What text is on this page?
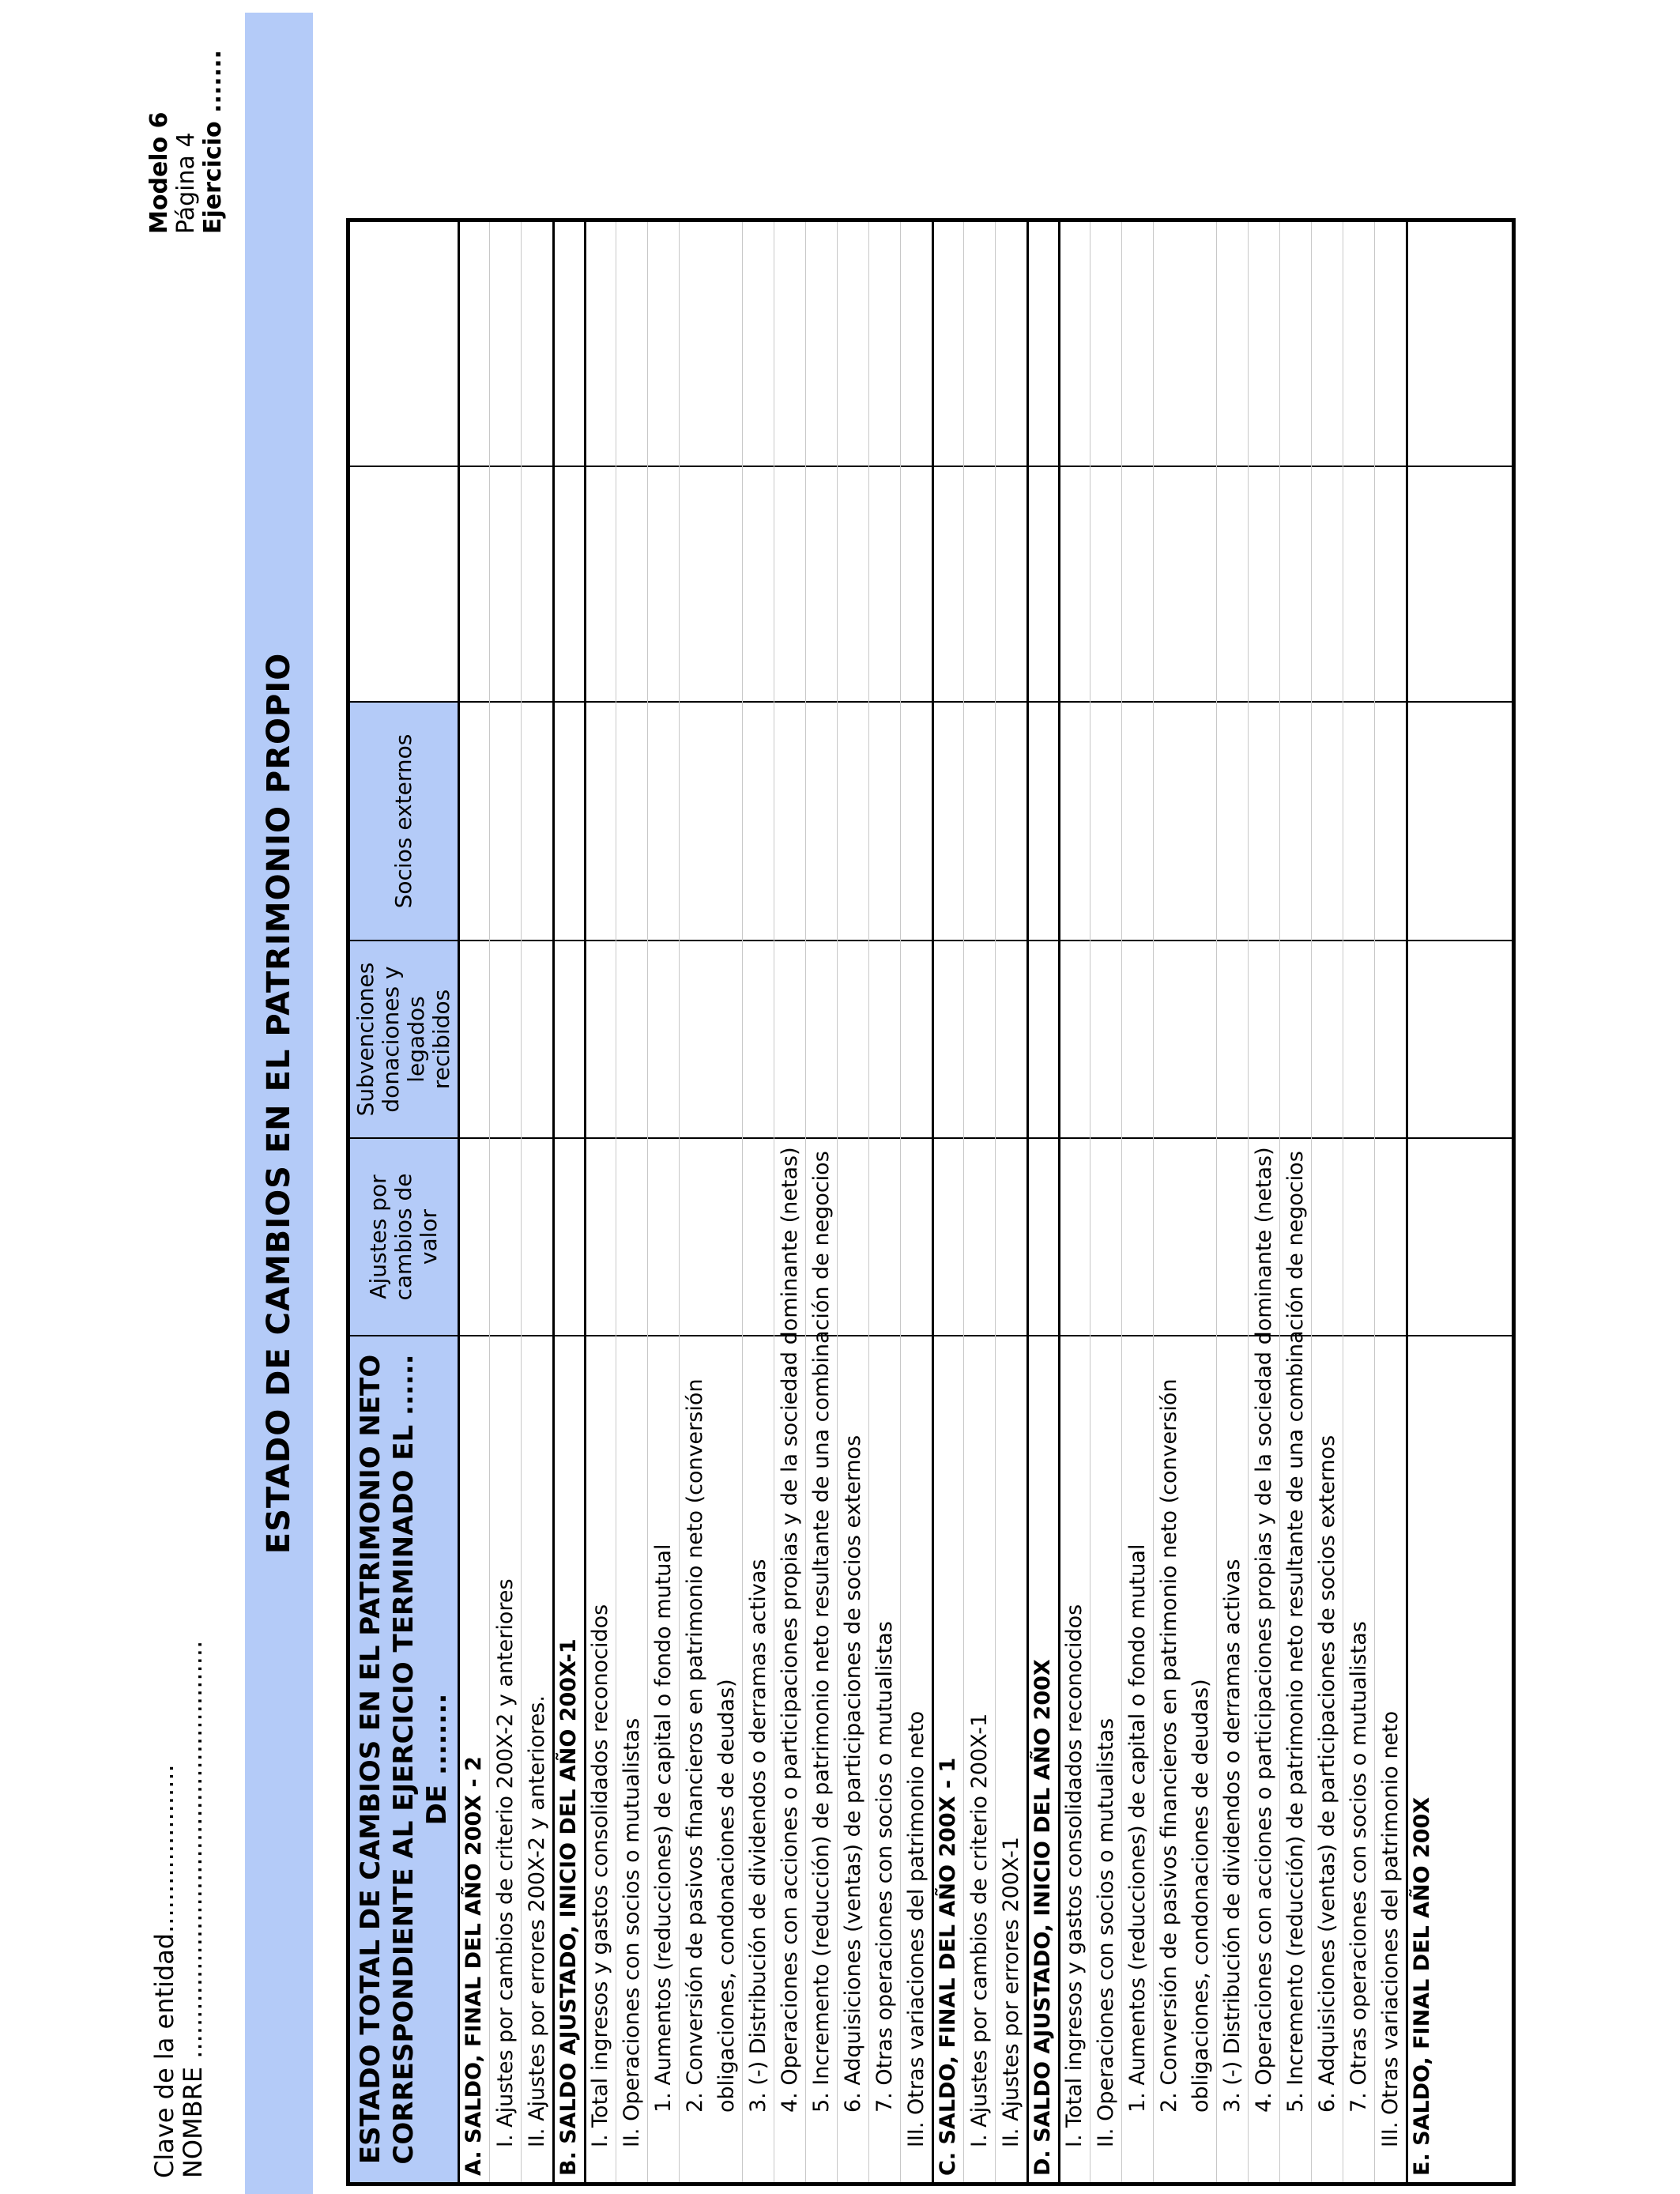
Clave de la entidad.....................
NOMBRE ....................................................
Modelo 6 Página 4 Ejercicio .......
ESTADO DE CAMBIOS EN EL PATRIMONIO PROPIO
ESTADO TOTAL DE CAMBIOS EN EL PATRIMONIO NETO CORRESPONDIENTE AL EJERCICIO TERMINADO EL ...... DE ........
Ajustes por cambios de valor
Subvenciones donaciones y legados recibidos
Socios externos
A. SALDO, FINAL DEL AÑO 200X - 2 I. Ajustes por cambios de criterio 200X-2 y anteriores II. Ajustes por errores 200X-2 y anteriores. B. SALDO AJUSTADO, INICIO DEL AÑO 200X-1 I. Total ingresos y gastos consolidados reconocidos II. Operaciones con socios o mutualistas 1. Aumentos (reducciones) de capital o fondo mutual 2. Conversión de pasivos financieros en patrimonio neto (conversión obligaciones, condonaciones de deudas) 3. (-) Distribución de dividendos o derramas activas 4. Operaciones con acciones o participaciones propias y de la sociedad dominante (netas) 5. Incremento (reducción) de patrimonio neto resultante de una combinación de negocios 6. Adquisiciones (ventas) de participaciones de socios externos 7. Otras operaciones con socios o mutualistas III. Otras variaciones del patrimonio neto C. SALDO, FINAL DEL AÑO 200X - 1 I. Ajustes por cambios de criterio 200X-1 II. Ajustes por errores 200X-1 D. SALDO AJUSTADO, INICIO DEL AÑO 200X I. Total ingresos y gastos consolidados reconocidos II. Operaciones con socios o mutualistas 1. Aumentos (reducciones) de capital o fondo mutual 2. Conversión de pasivos financieros en patrimonio neto (conversión obligaciones, condonaciones de deudas) 3. (-) Distribución de dividendos o derramas activas 4. Operaciones con acciones o participaciones propias y de la sociedad dominante (netas) 5. Incremento (reducción) de patrimonio neto resultante de una combinación de negocios 6. Adquisiciones (ventas) de participaciones de socios externos 7. Otras operaciones con socios o mutualistas III. Otras variaciones del patrimonio neto E. SALDO, FINAL DEL AÑO 200X
